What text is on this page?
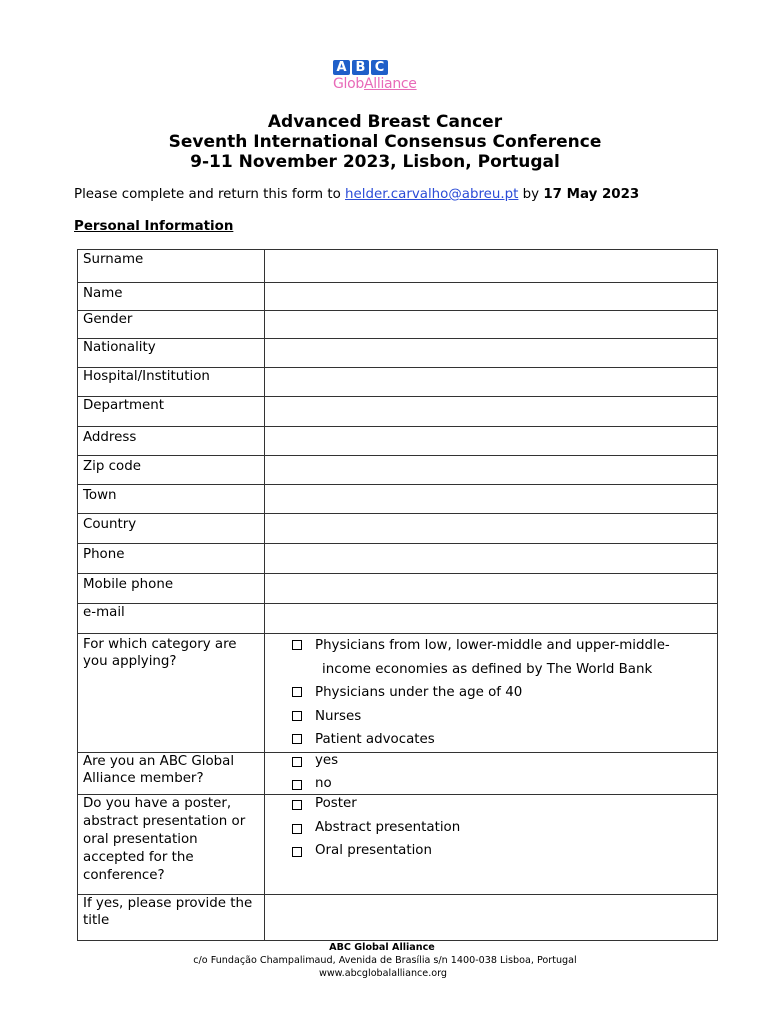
A B C
GlobAlliance
Advanced Breast Cancer
Seventh International Consensus Conference
9-11 November 2023, Lisbon, Portugal
Please complete and return this form to helder.carvalho@abreu.pt by 17 May 2023
Personal Information
Surname	
Name	
Gender	
Nationality	
Hospital/Institution	
Department	
Address	
Zip code	
Town	
Country	
Phone	
Mobile phone	
e-mail	
For which category are you applying?	Physicians from low, lower-middle and upper-middle-
income economies as defined by The World Bank
Physicians under the age of 40
Nurses
Patient advocates

Are you an ABC Global Alliance member?	yes
no

Do you have a poster, abstract presentation or oral presentation accepted for the conference?	Poster
Abstract presentation
Oral presentation

If yes, please provide the title	
ABC Global Alliance
c/o Fundação Champalimaud, Avenida de Brasília s/n 1400-038 Lisboa, Portugal
www.abcglobalalliance.org
